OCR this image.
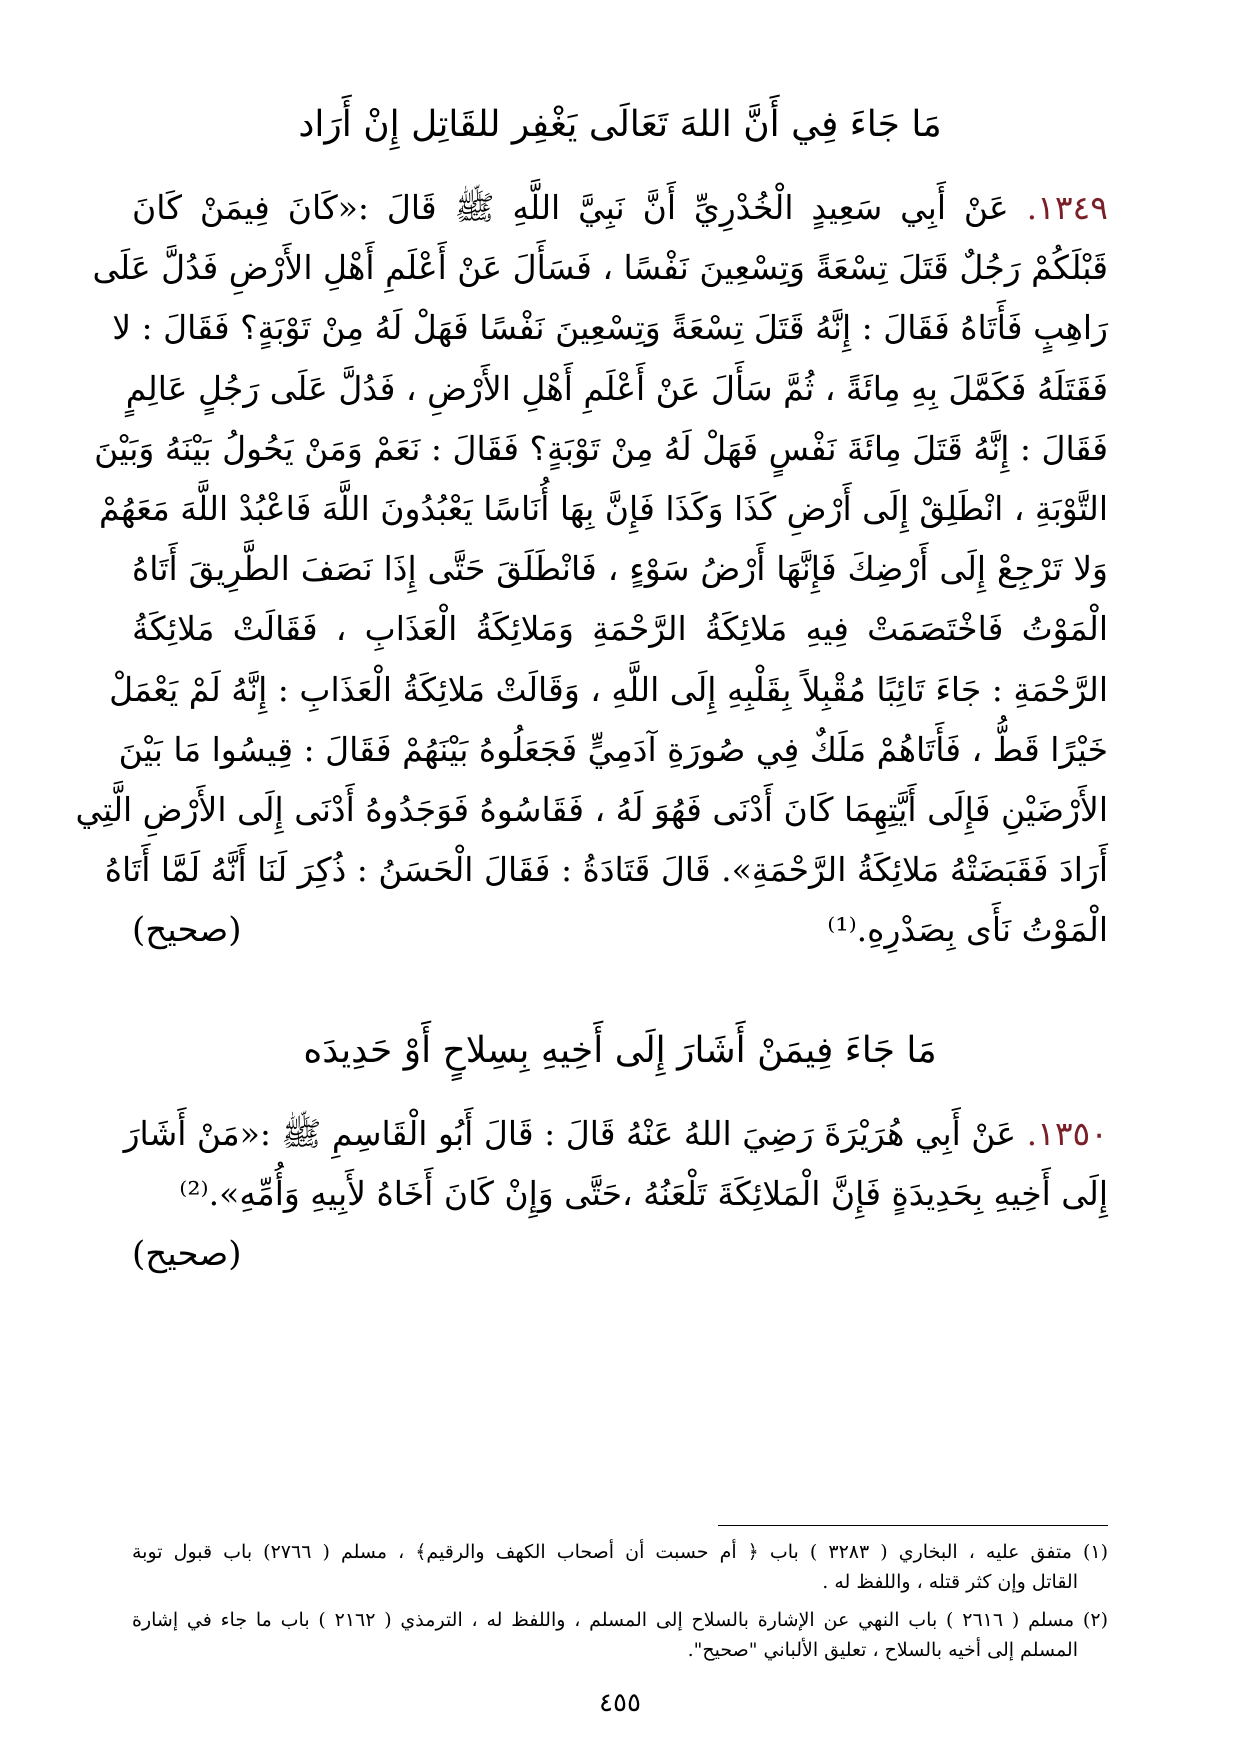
مَا جَاءَ فِي أَنَّ اللهَ تَعَالَى يَغْفِر للقَاتِل إِنْ أَرَاد
١٣٤٩. عَنْ أَبِي سَعِيدٍ الْخُدْرِيِّ أَنَّ نَبِيَّ اللَّهِ ﷺ قَالَ :«كَانَ فِيمَنْ كَانَ
قَبْلَكُمْ رَجُلٌ قَتَلَ تِسْعَةً وَتِسْعِينَ نَفْسًا ، فَسَأَلَ عَنْ أَعْلَمِ أَهْلِ الأَرْضِ فَدُلَّ عَلَى
رَاهِبٍ فَأَتَاهُ فَقَالَ : إِنَّهُ قَتَلَ تِسْعَةً وَتِسْعِينَ نَفْسًا فَهَلْ لَهُ مِنْ تَوْبَةٍ؟ فَقَالَ : لا
فَقَتَلَهُ فَكَمَّلَ بِهِ مِائَةً ، ثُمَّ سَأَلَ عَنْ أَعْلَمِ أَهْلِ الأَرْضِ ، فَدُلَّ عَلَى رَجُلٍ عَالِمٍ
فَقَالَ : إِنَّهُ قَتَلَ مِائَةَ نَفْسٍ فَهَلْ لَهُ مِنْ تَوْبَةٍ؟ فَقَالَ : نَعَمْ وَمَنْ يَحُولُ بَيْنَهُ وَبَيْنَ
التَّوْبَةِ ، انْطَلِقْ إِلَى أَرْضِ كَذَا وَكَذَا فَإِنَّ بِهَا أُنَاسًا يَعْبُدُونَ اللَّهَ فَاعْبُدْ اللَّهَ مَعَهُمْ
وَلا تَرْجِعْ إِلَى أَرْضِكَ فَإِنَّهَا أَرْضُ سَوْءٍ ، فَانْطَلَقَ حَتَّى إِذَا نَصَفَ الطَّرِيقَ أَتَاهُ
الْمَوْتُ فَاخْتَصَمَتْ فِيهِ مَلائِكَةُ الرَّحْمَةِ وَمَلائِكَةُ الْعَذَابِ ، فَقَالَتْ مَلائِكَةُ
الرَّحْمَةِ : جَاءَ تَائِبًا مُقْبِلاً بِقَلْبِهِ إِلَى اللَّهِ ، وَقَالَتْ مَلائِكَةُ الْعَذَابِ : إِنَّهُ لَمْ يَعْمَلْ
خَيْرًا قَطُّ ، فَأَتَاهُمْ مَلَكٌ فِي صُورَةِ آدَمِيٍّ فَجَعَلُوهُ بَيْنَهُمْ فَقَالَ : قِيسُوا مَا بَيْنَ
الأَرْضَيْنِ فَإِلَى أَيَّتِهِمَا كَانَ أَدْنَى فَهُوَ لَهُ ، فَقَاسُوهُ فَوَجَدُوهُ أَدْنَى إِلَى الأَرْضِ الَّتِي
أَرَادَ فَقَبَضَتْهُ مَلائِكَةُ الرَّحْمَةِ». قَالَ قَتَادَةُ : فَقَالَ الْحَسَنُ : ذُكِرَ لَنَا أَنَّهُ لَمَّا أَتَاهُ
الْمَوْتُ نَأَى بِصَدْرِهِ.⁽¹⁾
(صحيح)
مَا جَاءَ فِيمَنْ أَشَارَ إِلَى أَخِيهِ بِسِلاحٍ أَوْ حَدِيدَه
١٣٥٠. عَنْ أَبِي هُرَيْرَةَ رَضِيَ اللهُ عَنْهُ قَالَ : قَالَ أَبُو الْقَاسِمِ ﷺ :«مَنْ أَشَارَ
إِلَى أَخِيهِ بِحَدِيدَةٍ فَإِنَّ الْمَلائِكَةَ تَلْعَنُهُ ،حَتَّى وَإِنْ كَانَ أَخَاهُ لأَبِيهِ وَأُمِّهِ».⁽²⁾
(صحيح)
(١) متفق عليه ، البخاري ( ٣٢٨٣ ) باب ﴿ أم حسبت أن أصحاب الكهف والرقيم﴾ ، مسلم ( ٢٧٦٦) باب قبول توبة
القاتل وإن كثر قتله ، واللفظ له .
(٢) مسلم ( ٢٦١٦ ) باب النهي عن الإشارة بالسلاح إلى المسلم ، واللفظ له ، الترمذي ( ٢١٦٢ ) باب ما جاء في إشارة
المسلم إلى أخيه بالسلاح ، تعليق الألباني "صحيح".
٤٥٥
